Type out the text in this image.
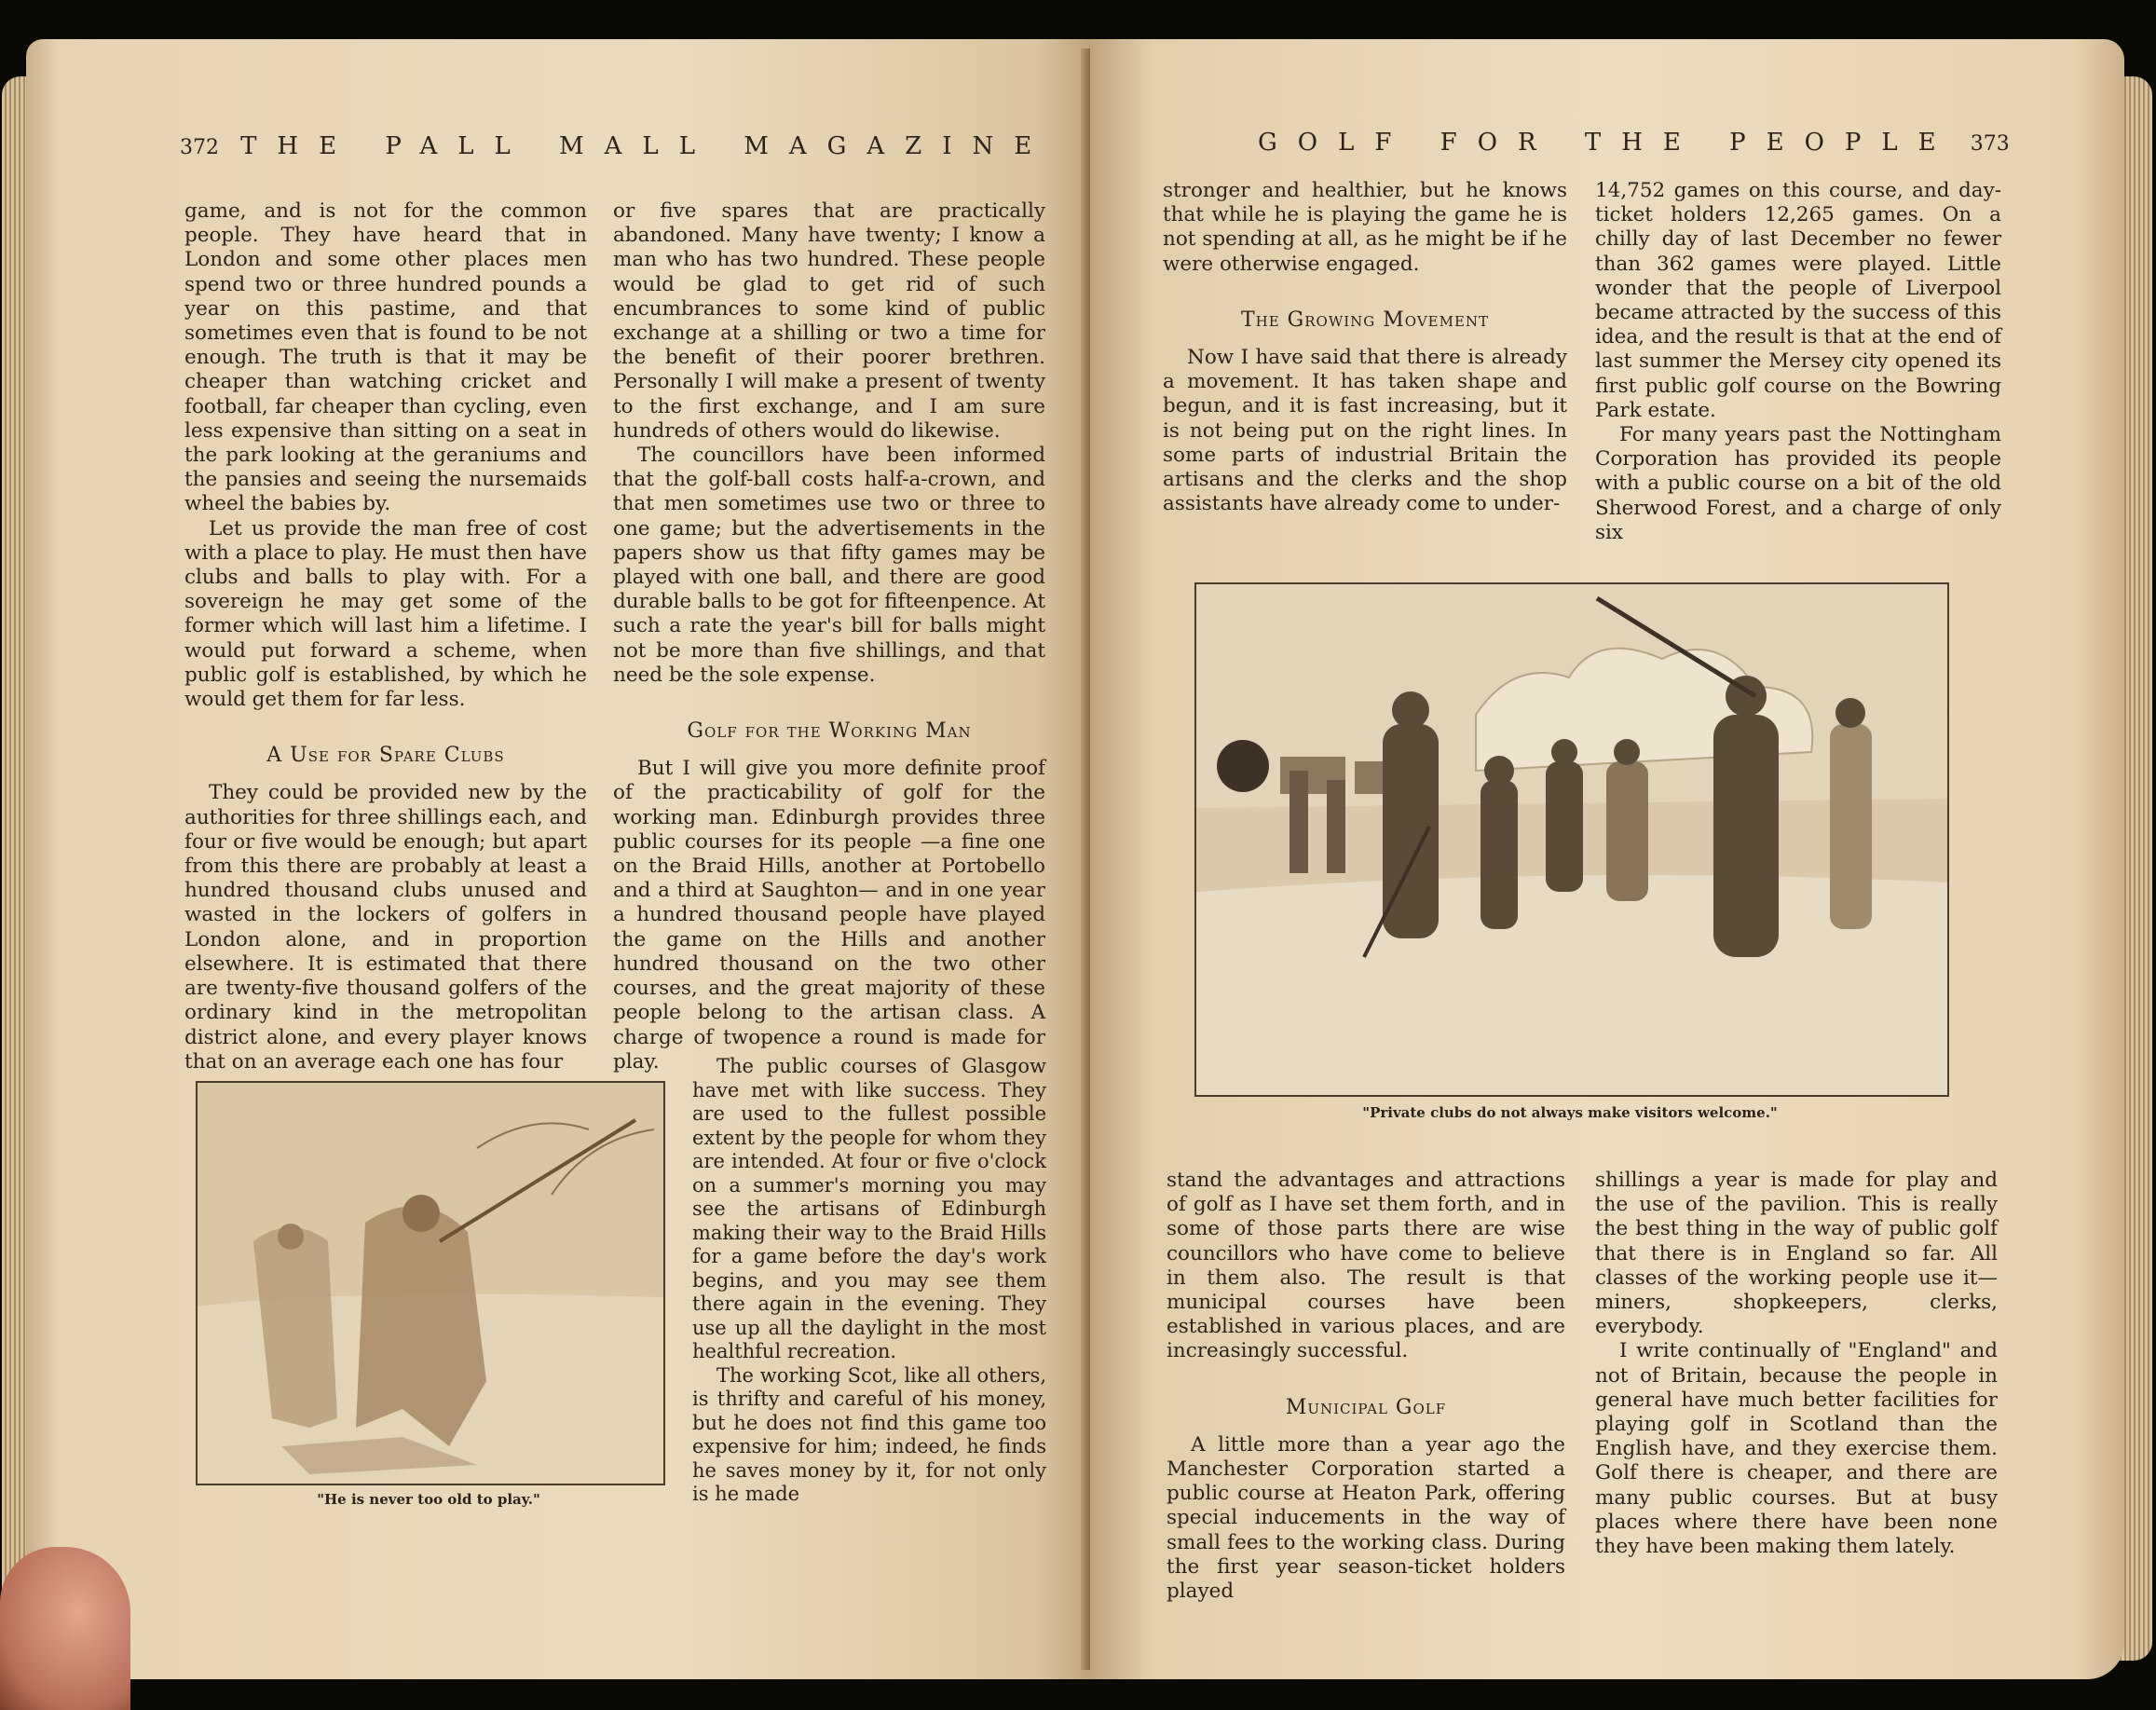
372 THE PALL MALL MAGAZINE

game, and is not for the common people. They have heard that in London and some other places men spend two or three hundred pounds a year on this pastime, and that sometimes even that is found to be not enough. The truth is that it may be cheaper than watching cricket and football, far cheaper than cycling, even less expensive than sitting on a seat in the park looking at the geraniums and the pansies and seeing the nursemaids wheel the babies by.

Let us provide the man free of cost with a place to play. He must then have clubs and balls to play with. For a sovereign he may get some of the former which will last him a lifetime. I would put forward a scheme, when public golf is established, by which he would get them for far less.

A Use for Spare Clubs

They could be provided new by the authorities for three shillings each, and four or five would be enough; but apart from this there are probably at least a hundred thousand clubs unused and wasted in the lockers of golfers in London alone, and in proportion elsewhere. It is estimated that there are twenty-five thousand golfers of the ordinary kind in the metropolitan district alone, and every player knows that on an average each one has four

or five spares that are practically abandoned. Many have twenty; I know a man who has two hundred. These people would be glad to get rid of such encumbrances to some kind of public exchange at a shilling or two a time for the benefit of their poorer brethren. Personally I will make a present of twenty to the first exchange, and I am sure hundreds of others would do likewise.

The councillors have been informed that the golf-ball costs half-a-crown, and that men sometimes use two or three to one game; but the advertisements in the papers show us that fifty games may be played with one ball, and there are good durable balls to be got for fifteenpence. At such a rate the year's bill for balls might not be more than five shillings, and that need be the sole expense.

Golf for the Working Man

But I will give you more definite proof of the practicability of golf for the working man. Edinburgh provides three public courses for its people —a fine one on the Braid Hills, another at Portobello and a third at Saughton— and in one year a hundred thousand people have played the game on the Hills and another hundred thousand on the two other courses, and the great majority of these people belong to the artisan class. A charge of twopence a round is made for play.	The public courses of Glasgow have met with like success. They are used to the fullest possible extent by the people for whom they are intended. At four or five o'clock on a summer's morning you may see the artisans of Edinburgh making their way to the Braid Hills for a game before the day's work begins, and you may see them there again in the evening. They use up all the daylight in the most healthful recreation.

The working Scot, like all others, is thrifty and careful of his money, but he does not find this game too expensive for him; indeed, he finds he saves money by it, for not only is he made

"He is never too old to play."
GOLF FOR THE PEOPLE 373

stronger and healthier, but he knows that while he is playing the game he is not spending at all, as he might be if he were otherwise engaged.

The Growing Movement

Now I have said that there is already a movement. It has taken shape and begun, and it is fast increasing, but it is not being put on the right lines. In some parts of industrial Britain the artisans and the clerks and the shop assistants have already come to under-

14,752 games on this course, and day-ticket holders 12,265 games. On a chilly day of last December no fewer than 362 games were played. Little wonder that the people of Liverpool became attracted by the success of this idea, and the result is that at the end of last summer the Mersey city opened its first public golf course on the Bowring Park estate.

For many years past the Nottingham Corporation has provided its people with a public course on a bit of the old Sherwood Forest, and a charge of only six

"Private clubs do not always make visitors welcome."

stand the advantages and attractions of golf as I have set them forth, and in some of those parts there are wise councillors who have come to believe in them also. The result is that municipal courses have been established in various places, and are increasingly successful.

Municipal Golf

A little more than a year ago the Manchester Corporation started a public course at Heaton Park, offering special inducements in the way of small fees to the working class. During the first year season-ticket holders played

shillings a year is made for play and the use of the pavilion. This is really the best thing in the way of public golf that there is in England so far. All classes of the working people use it—miners, shopkeepers, clerks, everybody.

I write continually of "England" and not of Britain, because the people in general have much better facilities for playing golf in Scotland than the English have, and they exercise them. Golf there is cheaper, and there are many public courses. But at busy places where there have been none they have been making them lately.
